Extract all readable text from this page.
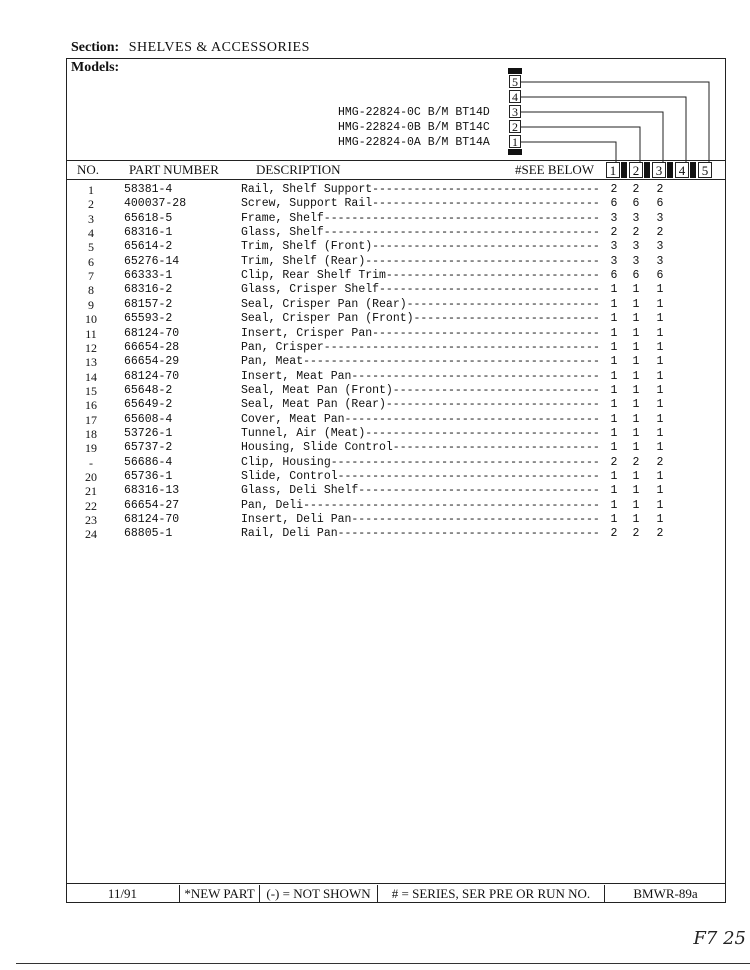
Section: SHELVES & ACCESSORIES
Models:
HMG-22824-0C B/M BT14D
HMG-22824-0B B/M BT14C
HMG-22824-0A B/M BT14A
5
4
3
2
1
NO. PART NUMBER	DESCRIPTION	#SEE BELOW 1 2 3 4 5
1	58381-4	Rail, Shelf Support --------------------------------- 2	2	2
2	400037-28	Screw, Support Rail --------------------------------- 6	6	6
3	65618-5	Frame, Shelf ---------------------------------------- 3	3	3
4	68316-1	Glass, Shelf ---------------------------------------- 2	2	2
5	65614-2	Trim, Shelf (Front) --------------------------------- 3	3	3
6	65276-14	Trim, Shelf (Rear) ---------------------------------- 3	3	3
7	66333-1	Clip, Rear Shelf Trim ------------------------------- 6	6	6
8	68316-2	Glass, Crisper Shelf -------------------------------- 1	1	1
9	68157-2	Seal, Crisper Pan (Rear) ---------------------------- 1	1	1
10	65593-2	Seal, Crisper Pan (Front) --------------------------- 1	1	1
11	68124-70	Insert, Crisper Pan --------------------------------- 1	1	1
12	66654-28	Pan, Crisper ---------------------------------------- 1	1	1
13	66654-29	Pan, Meat ------------------------------------------- 1	1	1
14	68124-70	Insert, Meat Pan ------------------------------------ 1	1	1
15	65648-2	Seal, Meat Pan (Front) ------------------------------ 1	1	1
16	65649-2	Seal, Meat Pan (Rear) ------------------------------- 1	1	1
17	65608-4	Cover, Meat Pan ------------------------------------- 1	1	1
18	53726-1	Tunnel, Air (Meat) ---------------------------------- 1	1	1
19	65737-2	Housing, Slide Control ------------------------------ 1	1	1
-	56686-4	Clip, Housing --------------------------------------- 2	2	2
20	65736-1	Slide, Control -------------------------------------- 1	1	1
21	68316-13	Glass, Deli Shelf ----------------------------------- 1	1	1
22	66654-27	Pan, Deli ------------------------------------------- 1	1	1
23	68124-70	Insert, Deli Pan ------------------------------------ 1	1	1
24	68805-1	Rail, Deli Pan -------------------------------------- 2	2	2
11/91	*NEW PART (-) = NOT SHOWN	# = SERIES, SER PRE OR RUN NO.	BMWR-89a
F7 25
